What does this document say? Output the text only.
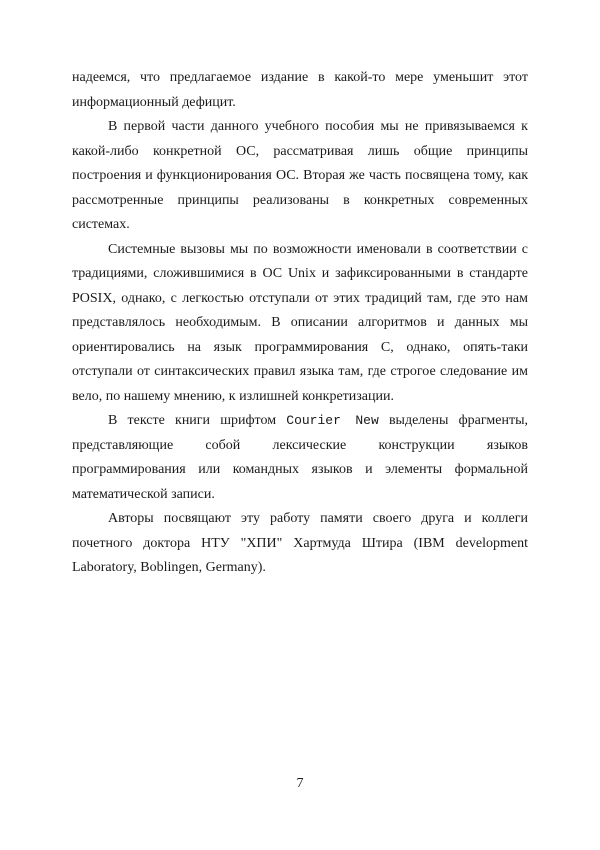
надеемся, что предлагаемое издание в какой-то мере уменьшит этот информационный дефицит.

В первой части данного учебного пособия мы не привязываемся к какой-либо конкретной ОС, рассматривая лишь общие принципы построения и функционирования ОС. Вторая же часть посвящена тому, как рассмотренные принципы реализованы в конкретных современных системах.

Системные вызовы мы по возможности именовали в соответствии с традициями, сложившимися в ОС Unix и зафиксированными в стандарте POSIX, однако, с легкостью отступали от этих традиций там, где это нам представлялось необходимым. В описании алгоритмов и данных мы ориентировались на язык программирования С, однако, опять-таки отступали от синтаксических правил языка там, где строгое следование им вело, по нашему мнению, к излишней конкретизации.

В тексте книги шрифтом Courier New выделены фрагменты, представляющие собой лексические конструкции языков программирования или командных языков и элементы формальной математической записи.

Авторы посвящают эту работу памяти своего друга и коллеги почетного доктора НТУ "ХПИ" Хартмуда Штира (IBM development Laboratory, Boblingen, Germany).

7
